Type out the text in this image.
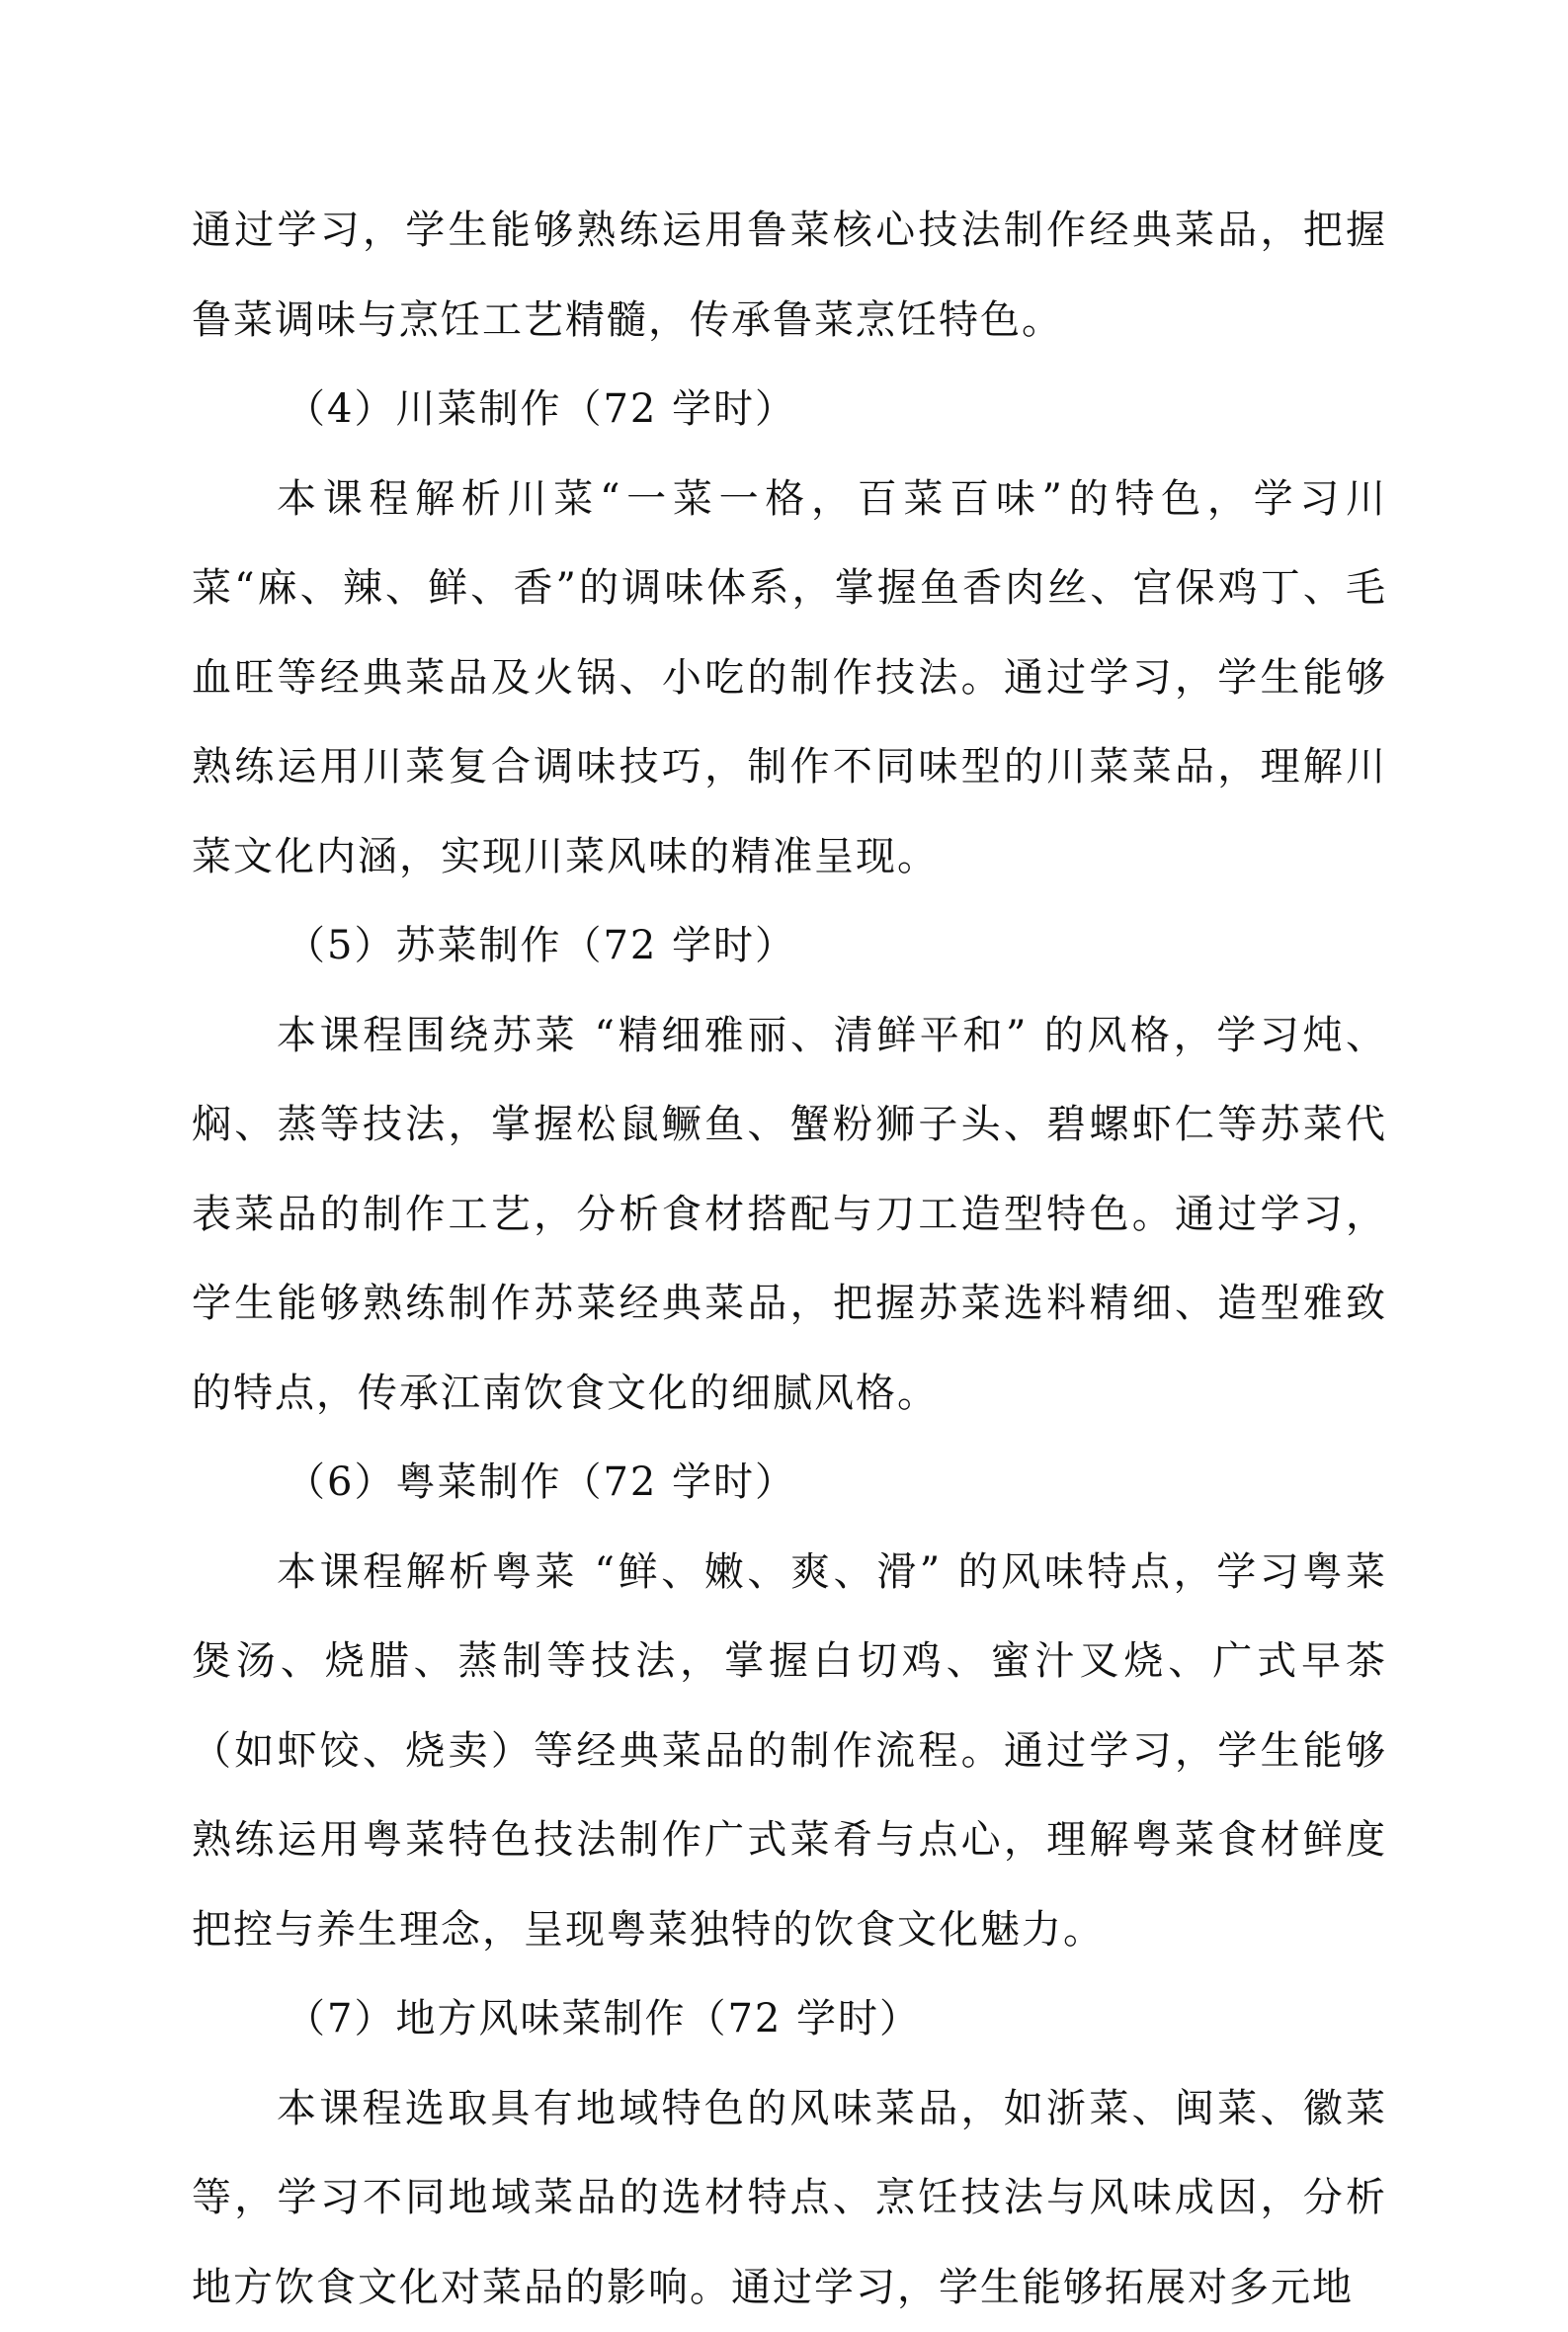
通过学习，学生能够熟练运用鲁菜核心技法制作经典菜品，把握鲁菜调味与烹饪工艺精髓，传承鲁菜烹饪特色。

（4）川菜制作（72 学时）

本课程解析川菜“一菜一格，百菜百味”的特色，学习川菜“麻、辣、鲜、香”的调味体系，掌握鱼香肉丝、宫保鸡丁、毛血旺等经典菜品及火锅、小吃的制作技法。通过学习，学生能够熟练运用川菜复合调味技巧，制作不同味型的川菜菜品，理解川菜文化内涵，实现川菜风味的精准呈现。

（5）苏菜制作（72 学时）

本课程围绕苏菜 “精细雅丽、清鲜平和” 的风格，学习炖、焖、蒸等技法，掌握松鼠鳜鱼、蟹粉狮子头、碧螺虾仁等苏菜代表菜品的制作工艺，分析食材搭配与刀工造型特色。通过学习，学生能够熟练制作苏菜经典菜品，把握苏菜选料精细、造型雅致的特点，传承江南饮食文化的细腻风格。

（6）粤菜制作（72 学时）

本课程解析粤菜 “鲜、嫩、爽、滑” 的风味特点，学习粤菜煲汤、烧腊、蒸制等技法，掌握白切鸡、蜜汁叉烧、广式早茶（如虾饺、烧卖）等经典菜品的制作流程。通过学习，学生能够熟练运用粤菜特色技法制作广式菜肴与点心，理解粤菜食材鲜度把控与养生理念，呈现粤菜独特的饮食文化魅力。

（7）地方风味菜制作（72 学时）

本课程选取具有地域特色的风味菜品，如浙菜、闽菜、徽菜等，学习不同地域菜品的选材特点、烹饪技法与风味成因，分析地方饮食文化对菜品的影响。通过学习，学生能够拓展对多元地
